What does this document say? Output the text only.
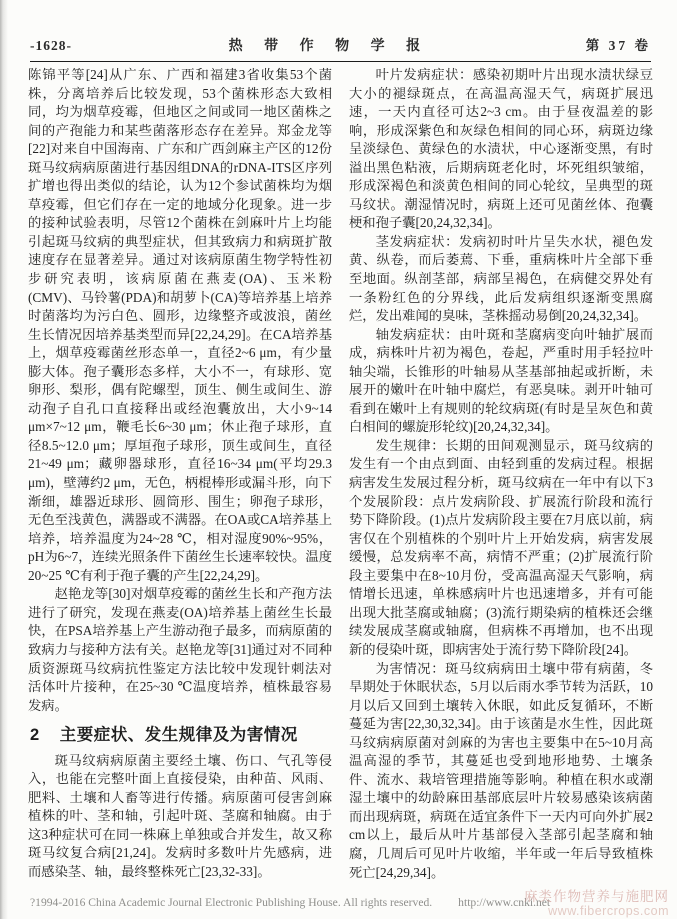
-1628-	热 带 作 物 学 报	第 37 卷

陈锦平等[24]从广东、广西和福建3省收集53个菌株，分离培养后比较发现，53个菌株形态大致相同，均为烟草疫霉，但地区之间或同一地区菌株之间的产孢能力和某些菌落形态存在差异。郑金龙等[22]对来自中国海南、广东和广西剑麻主产区的12份斑马纹病病原菌进行基因组DNA的rDNA-ITS区序列扩增也得出类似的结论，认为12个参试菌株均为烟草疫霉，但它们存在一定的地域分化现象。进一步的接种试验表明，尽管12个菌株在剑麻叶片上均能引起斑马纹病的典型症状，但其致病力和病斑扩散速度存在显著差异。通过对该病原菌生物学特性初步研究表明，该病原菌在燕麦(OA)、玉米粉(CMV)、马铃薯(PDA)和胡萝卜(CA)等培养基上培养时菌落均为污白色、圆形，边缘整齐或波浪，菌丝生长情况因培养基类型而异[22,24,29]。在CA培养基上，烟草疫霉菌丝形态单一，直径2~6 μm，有少量膨大体。孢子囊形态多样，大小不一，有球形、宽卵形、梨形，偶有陀螺型，顶生、侧生或间生、游动孢子自孔口直接释出或经泡囊放出，大小9~14 μm×7~12 μm，鞭毛长6~30 μm；休止孢子球形，直径8.5~12.0 μm；厚垣孢子球形，顶生或间生，直径21~49 μm；藏卵器球形，直径16~34 μm(平均29.3 μm)，壁薄约2 μm，无色，柄棍棒形或漏斗形，向下渐细，雄器近球形、圆筒形、围生；卵孢子球形，无色至浅黄色，满器或不满器。在OA或CA培养基上培养，培养温度为24~28 ℃，相对湿度90%~95%，pH为6~7，连续光照条件下菌丝生长速率较快。温度20~25 ℃有利于孢子囊的产生[22,24,29]。

赵艳龙等[30]对烟草疫霉的菌丝生长和产孢方法进行了研究，发现在燕麦(OA)培养基上菌丝生长最快，在PSA培养基上产生游动孢子最多，而病原菌的致病力与接种方法有关。赵艳龙等[31]通过对不同种质资源斑马纹病抗性鉴定方法比较中发现针刺法对活体叶片接种，在25~30 ℃温度培养，植株最容易发病。

2 主要症状、发生规律及为害情况

斑马纹病病原菌主要经土壤、伤口、气孔等侵入，也能在完整叶面上直接侵染，由种苗、风雨、肥料、土壤和人畜等进行传播。病原菌可侵害剑麻植株的叶、茎和轴，引起叶斑、茎腐和轴腐。由于这3种症状可在同一株麻上单独或合并发生，故又称斑马纹复合病[21,24]。发病时多数叶片先感病，进而感染茎、轴，最终整株死亡[23,32-33]。

叶片发病症状：感染初期叶片出现水渍状绿豆大小的褪绿斑点，在高温高湿天气，病斑扩展迅速，一天内直径可达2~3 cm。由于昼夜温差的影响，形成深紫色和灰绿色相间的同心环，病斑边缘呈淡绿色、黄绿色的水渍状，中心逐渐变黑，有时溢出黑色粘液，后期病斑老化时，坏死组织皱缩，形成深褐色和淡黄色相间的同心轮纹，呈典型的斑马纹状。潮湿情况时，病斑上还可见菌丝体、孢囊梗和孢子囊[20,24,32,34]。

茎发病症状：发病初时叶片呈失水状，褪色发黄、纵卷，而后萎蔫、下垂，重病株叶片全部下垂至地面。纵剖茎部，病部呈褐色，在病健交界处有一条粉红色的分界线，此后发病组织逐渐变黑腐烂，发出难闻的臭味，茎株摇动易倒[20,24,32,34]。

轴发病症状：由叶斑和茎腐病变向叶轴扩展而成，病株叶片初为褐色，卷起，严重时用手轻拉叶轴尖端，长锥形的叶轴易从茎基部抽起或折断，未展开的嫩叶在叶轴中腐烂，有恶臭味。剥开叶轴可看到在嫩叶上有规则的轮纹病斑(有时是呈灰色和黄白相间的螺旋形轮纹)[20,24,32,34]。

发生规律：长期的田间观测显示，斑马纹病的发生有一个由点到面、由轻到重的发病过程。根据病害发生发展过程分析，斑马纹病在一年中有以下3个发展阶段：点片发病阶段、扩展流行阶段和流行势下降阶段。(1)点片发病阶段主要在7月底以前，病害仅在个别植株的个别叶片上开始发病，病害发展缓慢，总发病率不高，病情不严重；(2)扩展流行阶段主要集中在8~10月份，受高温高湿天气影响，病情增长迅速，单株感病叶片也迅速增多，并有可能出现大批茎腐或轴腐；(3)流行期染病的植株还会继续发展成茎腐或轴腐，但病株不再增加，也不出现新的侵染叶斑，即病害处于流行势下降阶段[24]。

为害情况：斑马纹病病田土壤中带有病菌，冬旱期处于休眠状态，5月以后雨水季节转为活跃，10月以后又回到土壤转入休眠，如此反复循环，不断蔓延为害[22,30,32,34]。由于该菌是水生性，因此斑马纹病病原菌对剑麻的为害也主要集中在5~10月高温高湿的季节，其蔓延也受到地形地势、土壤条件、流水、栽培管理措施等影响。种植在积水或潮湿土壤中的幼龄麻田基部底层叶片较易感染该病菌而出现病斑，病斑在适宜条件下一天内可向外扩展2 cm以上，最后从叶片基部侵入茎部引起茎腐和轴腐，几周后可见叶片收缩，半年或一年后导致植株死亡[24,29,34]。

?1994-2016 China Academic Journal Electronic Publishing House. All rights reserved. http://www.cnki.net
麻类作物营养与施肥网
www.fibercrops.com
